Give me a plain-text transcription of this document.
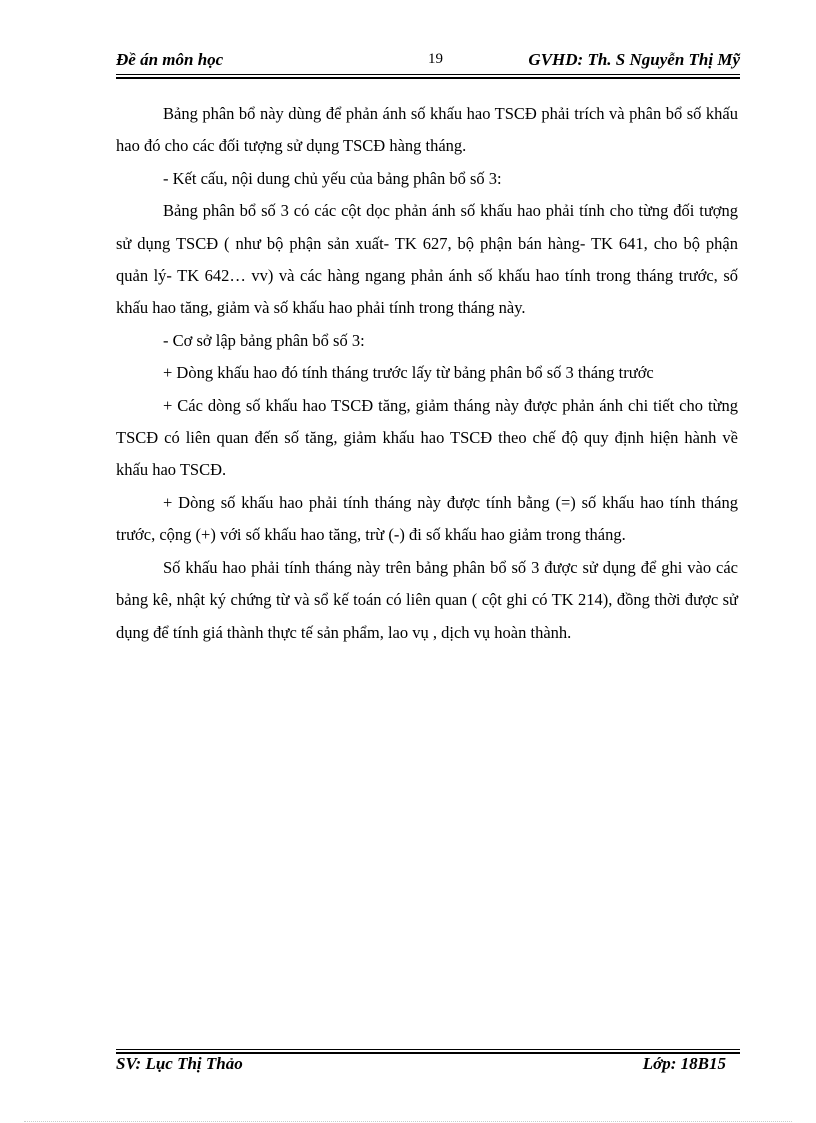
Đề án môn học	19	GVHD: Th. S Nguyễn Thị Mỹ

Bảng phân bổ này dùng để phản ánh số khấu hao TSCĐ phải trích và phân bổ số khấu hao đó cho các đối tượng sử dụng TSCĐ hàng tháng.

- Kết cấu, nội dung chủ yếu của bảng phân bổ số 3:

Bảng phân bổ số 3 có các cột dọc phản ánh số khấu hao phải tính cho từng đối tượng sử dụng TSCĐ ( như bộ phận sản xuất- TK 627, bộ phận bán hàng- TK 641, cho bộ phận quản lý- TK 642… vv) và các hàng ngang phản ánh số khấu hao tính trong tháng trước, số khấu hao tăng, giảm và số khấu hao phải tính trong tháng này.

- Cơ sở lập bảng phân bổ số 3:

+ Dòng khấu hao đó tính tháng trước lấy từ bảng phân bổ số 3 tháng trước

+ Các dòng số khấu hao TSCĐ tăng, giảm tháng này được phản ánh chi tiết cho từng TSCĐ có liên quan đến số tăng, giảm khấu hao TSCĐ theo chế độ quy định hiện hành về khấu hao TSCĐ.

+ Dòng số khấu hao phải tính tháng này được tính bằng (=) số khấu hao tính tháng trước, cộng (+) với số khấu hao tăng, trừ (-) đi số khấu hao giảm trong tháng.

Số khấu hao phải tính tháng này trên bảng phân bổ số 3 được sử dụng để ghi vào các bảng kê, nhật ký chứng từ và sổ kế toán có liên quan ( cột ghi có TK 214), đồng thời được sử dụng để tính giá thành thực tế sản phẩm, lao vụ , dịch vụ hoàn thành.

SV: Lục Thị Thảo	Lớp: 18B15
